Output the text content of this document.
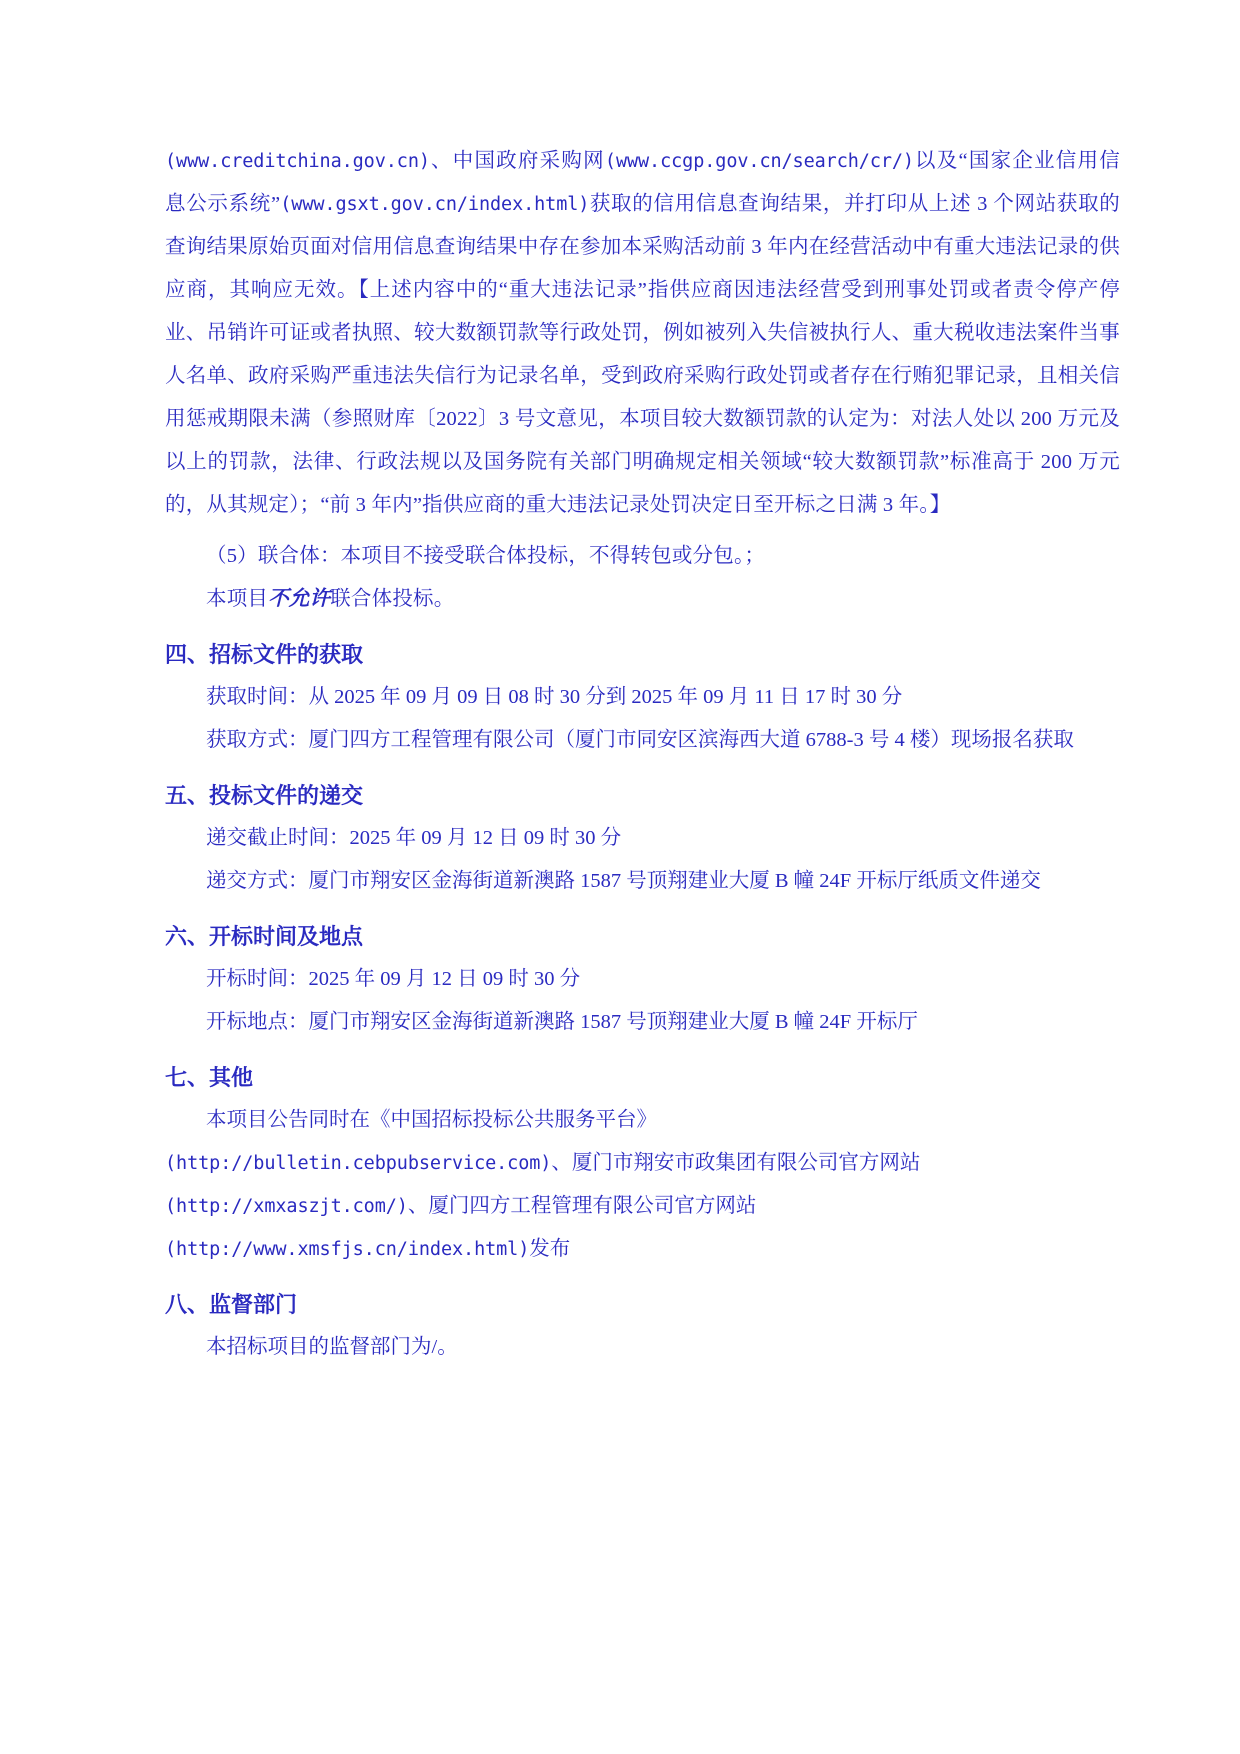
(www.creditchina.gov.cn)、中国政府采购网(www.ccgp.gov.cn/search/cr/)以及“国家企业信用信息公示系统”(www.gsxt.gov.cn/index.html)获取的信用信息查询结果，并打印从上述 3 个网站获取的查询结果原始页面对信用信息查询结果中存在参加本采购活动前 3 年内在经营活动中有重大违法记录的供应商，其响应无效。【上述内容中的“重大违法记录”指供应商因违法经营受到刑事处罚或者责令停产停业、吊销许可证或者执照、较大数额罚款等行政处罚，例如被列入失信被执行人、重大税收违法案件当事人名单、政府采购严重违法失信行为记录名单，受到政府采购行政处罚或者存在行贿犯罪记录，且相关信用惩戒期限未满（参照财库〔2022〕3 号文意见，本项目较大数额罚款的认定为：对法人处以 200 万元及以上的罚款，法律、行政法规以及国务院有关部门明确规定相关领域“较大数额罚款”标准高于 200 万元的，从其规定）；“前 3 年内”指供应商的重大违法记录处罚决定日至开标之日满 3 年。】

（5）联合体：本项目不接受联合体投标，不得转包或分包。；

本项目不允许联合体投标。

四、招标文件的获取

获取时间：从 2025 年 09 月 09 日 08 时 30 分到 2025 年 09 月 11 日 17 时 30 分

获取方式：厦门四方工程管理有限公司（厦门市同安区滨海西大道 6788-3 号 4 楼）现场报名获取

五、投标文件的递交

递交截止时间：2025 年 09 月 12 日 09 时 30 分

递交方式：厦门市翔安区金海街道新澳路 1587 号顶翔建业大厦 B 幢 24F 开标厅纸质文件递交

六、开标时间及地点

开标时间：2025 年 09 月 12 日 09 时 30 分

开标地点：厦门市翔安区金海街道新澳路 1587 号顶翔建业大厦 B 幢 24F 开标厅

七、其他

本项目公告同时在《中国招标投标公共服务平台》

(http://bulletin.cebpubservice.com)、厦门市翔安市政集团有限公司官方网站

(http://xmxaszjt.com/)、厦门四方工程管理有限公司官方网站

(http://www.xmsfjs.cn/index.html)发布

八、监督部门

本招标项目的监督部门为/。
